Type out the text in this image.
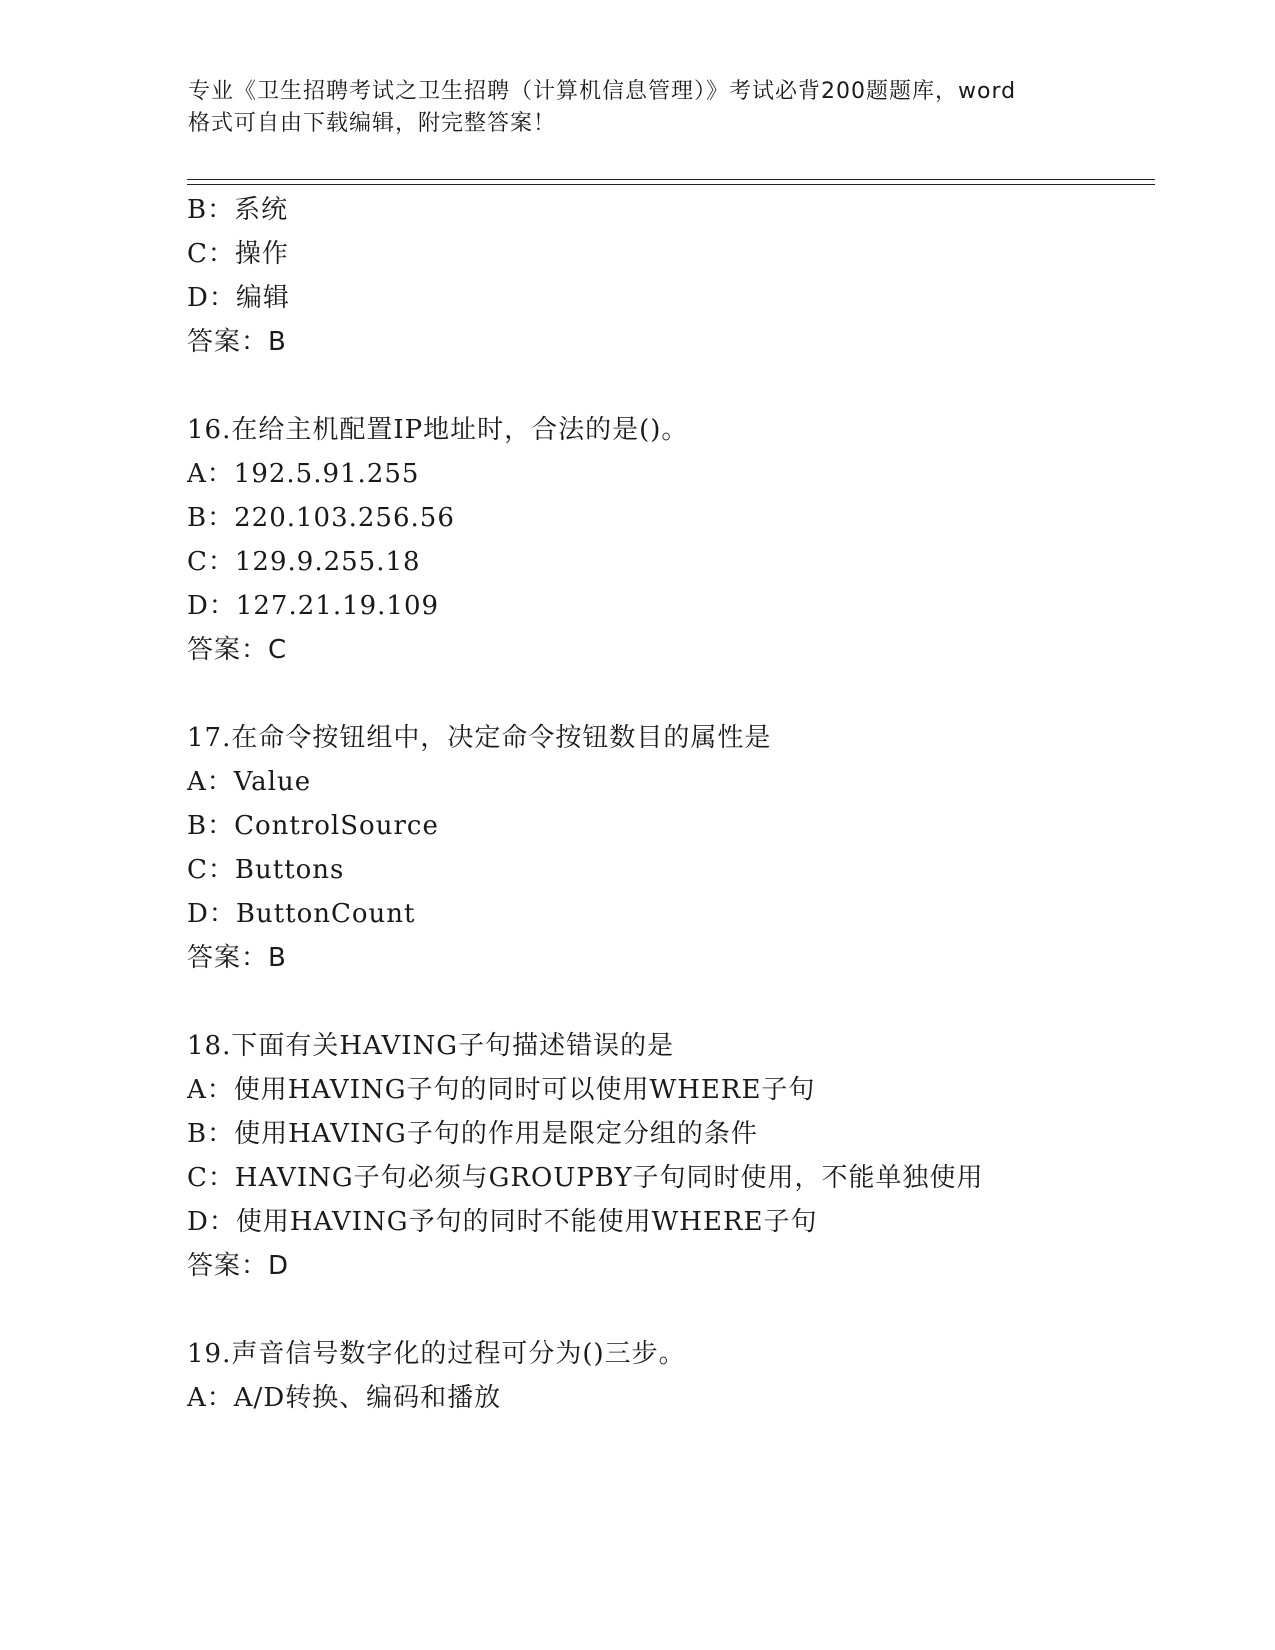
专业《卫生招聘考试之卫生招聘（计算机信息管理）》考试必背200题题库，word
格式可自由下载编辑，附完整答案！
B：系统
C：操作
D：编辑
答案：B
16.在给主机配置IP地址时，合法的是()。
A：192.5.91.255
B：220.103.256.56
C：129.9.255.18
D：127.21.19.109
答案：C
17.在命令按钮组中，决定命令按钮数目的属性是
A：Value
B：ControlSource
C：Buttons
D：ButtonCount
答案：B
18.下面有关HAVING子句描述错误的是
A：使用HAVING子句的同时可以使用WHERE子句
B：使用HAVING子句的作用是限定分组的条件
C：HAVING子句必须与GROUPBY子句同时使用，不能单独使用
D：使用HAVING予句的同时不能使用WHERE子句
答案：D
19.声音信号数字化的过程可分为()三步。
A：A/D转换、编码和播放
